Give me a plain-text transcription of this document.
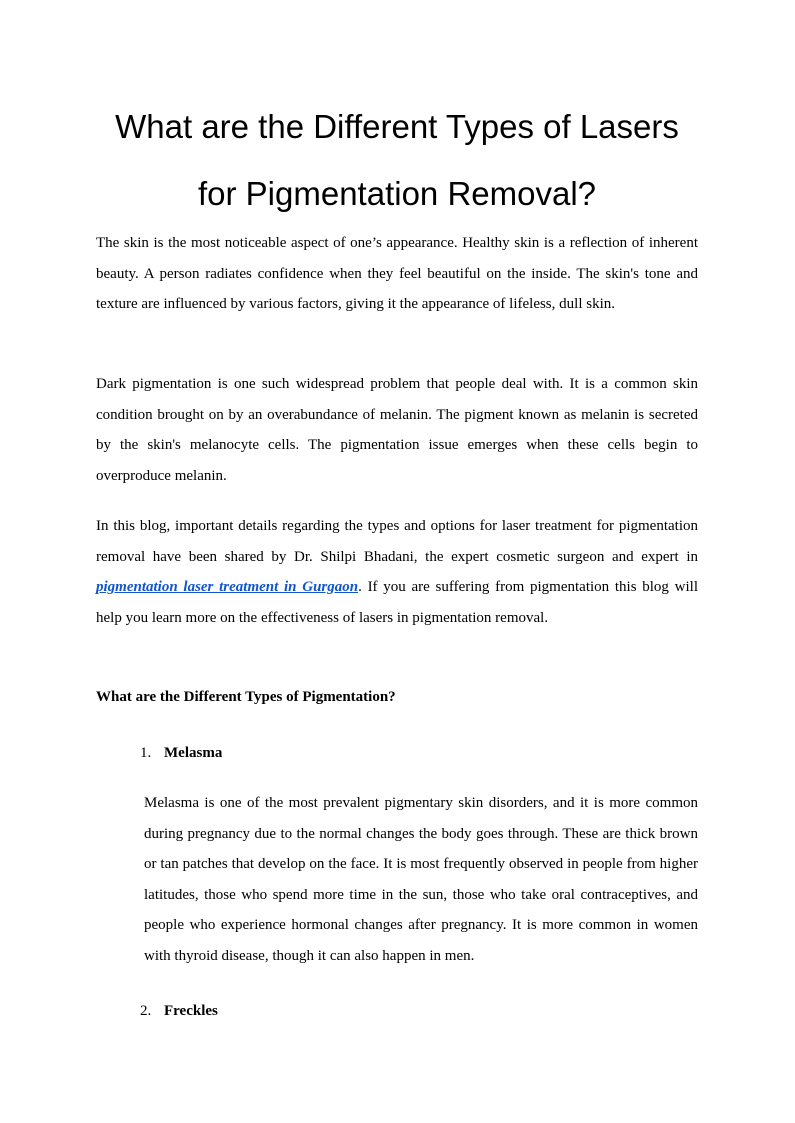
What are the Different Types of Lasers
for Pigmentation Removal?

The skin is the most noticeable aspect of one’s appearance. Healthy skin is a reflection of inherent beauty. A person radiates confidence when they feel beautiful on the inside. The skin's tone and texture are influenced by various factors, giving it the appearance of lifeless, dull skin.

Dark pigmentation is one such widespread problem that people deal with. It is a common skin condition brought on by an overabundance of melanin. The pigment known as melanin is secreted by the skin's melanocyte cells. The pigmentation issue emerges when these cells begin to overproduce melanin.

In this blog, important details regarding the types and options for laser treatment for pigmentation removal have been shared by Dr. Shilpi Bhadani, the expert cosmetic surgeon and expert in pigmentation laser treatment in Gurgaon. If you are suffering from pigmentation this blog will help you learn more on the effectiveness of lasers in pigmentation removal.

What are the Different Types of Pigmentation?
1. Melasma

Melasma is one of the most prevalent pigmentary skin disorders, and it is more common during pregnancy due to the normal changes the body goes through. These are thick brown or tan patches that develop on the face. It is most frequently observed in people from higher latitudes, those who spend more time in the sun, those who take oral contraceptives, and people who experience hormonal changes after pregnancy. It is more common in women with thyroid disease, though it can also happen in men.

2. Freckles
